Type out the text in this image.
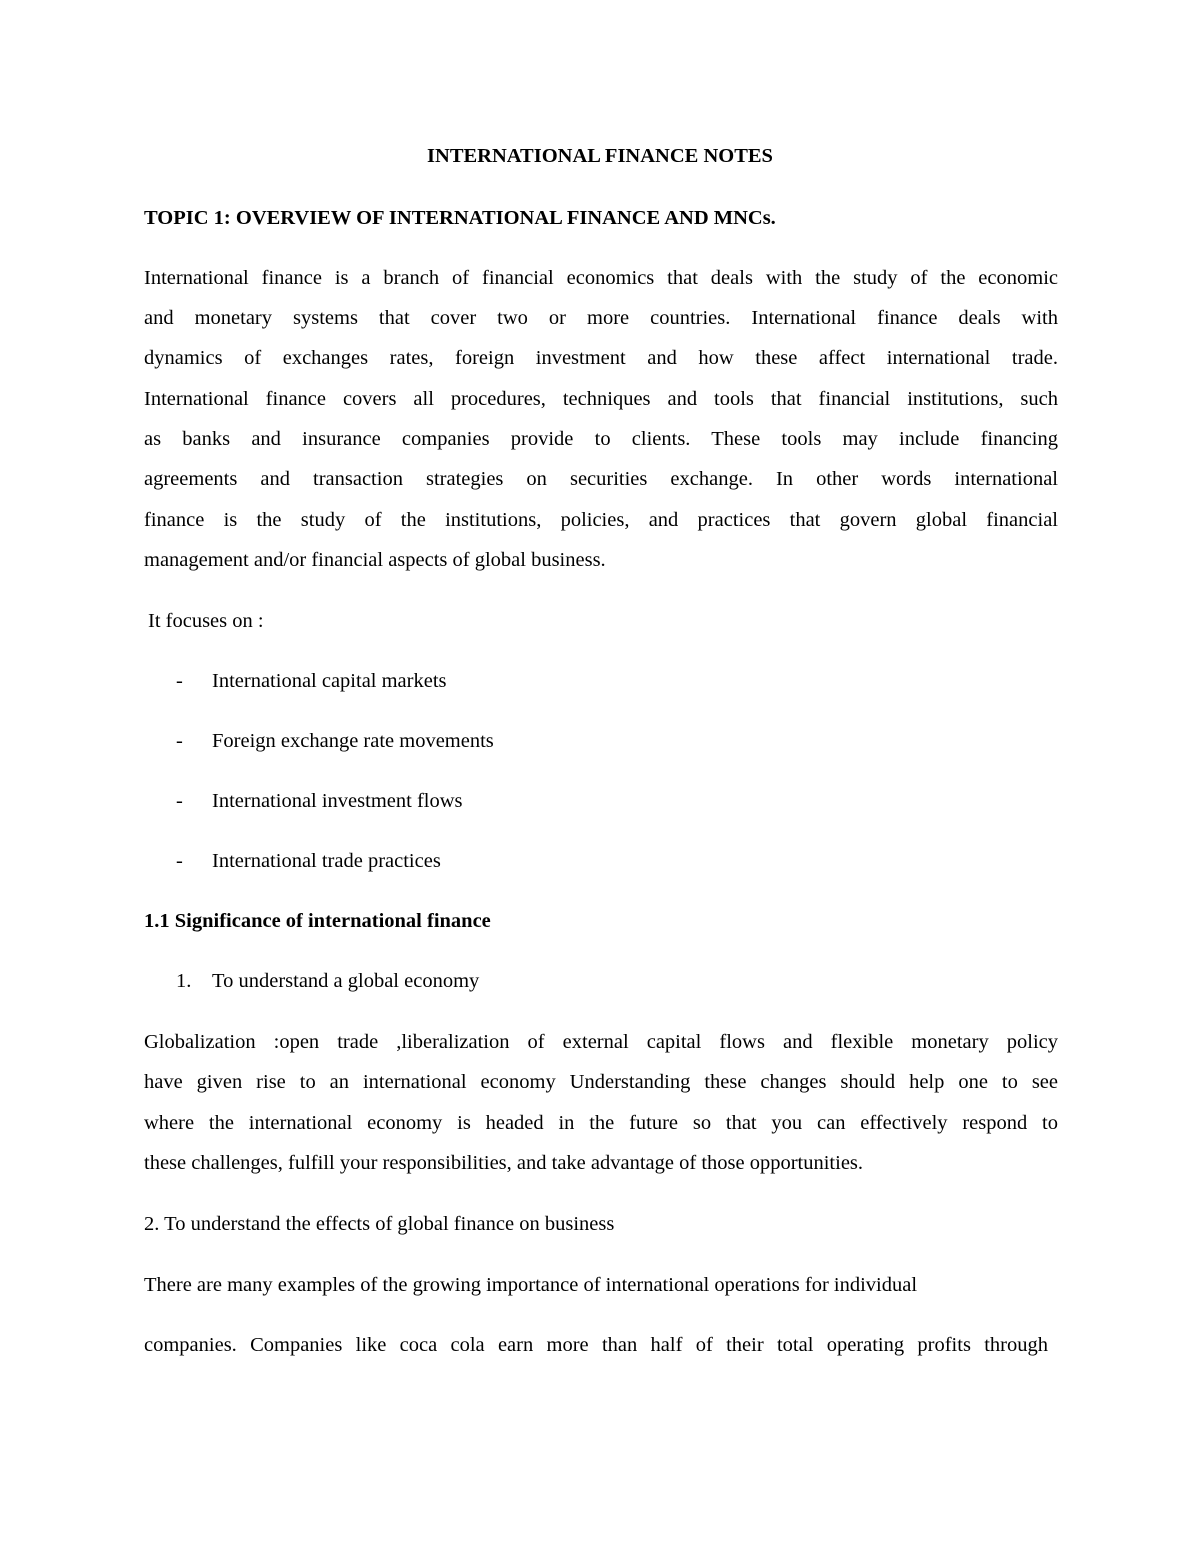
INTERNATIONAL FINANCE NOTES
TOPIC 1: OVERVIEW OF INTERNATIONAL FINANCE AND MNCs.
International finance is a branch of financial economics that deals with the study of the economic
and monetary systems that cover two or more countries. International finance deals with
dynamics of exchanges rates, foreign investment and how these affect international trade.
International finance covers all procedures, techniques and tools that financial institutions, such
as banks and insurance companies provide to clients. These tools may include financing
agreements and transaction strategies on securities exchange. In other words international
finance is the study of the institutions, policies, and practices that govern global financial
management and/or financial aspects of global business.
It focuses on :
- International capital markets
- Foreign exchange rate movements
- International investment flows
- International trade practices
1.1 Significance of international finance
1. To understand a global economy
Globalization :open trade ,liberalization of external capital flows and flexible monetary policy
have given rise to an international economy Understanding these changes should help one to see
where the international economy is headed in the future so that you can effectively respond to
these challenges, fulfill your responsibilities, and take advantage of those opportunities.
2. To understand the effects of global finance on business
There are many examples of the growing importance of international operations for individual
companies. Companies like coca cola earn more than half of their total operating profits through
